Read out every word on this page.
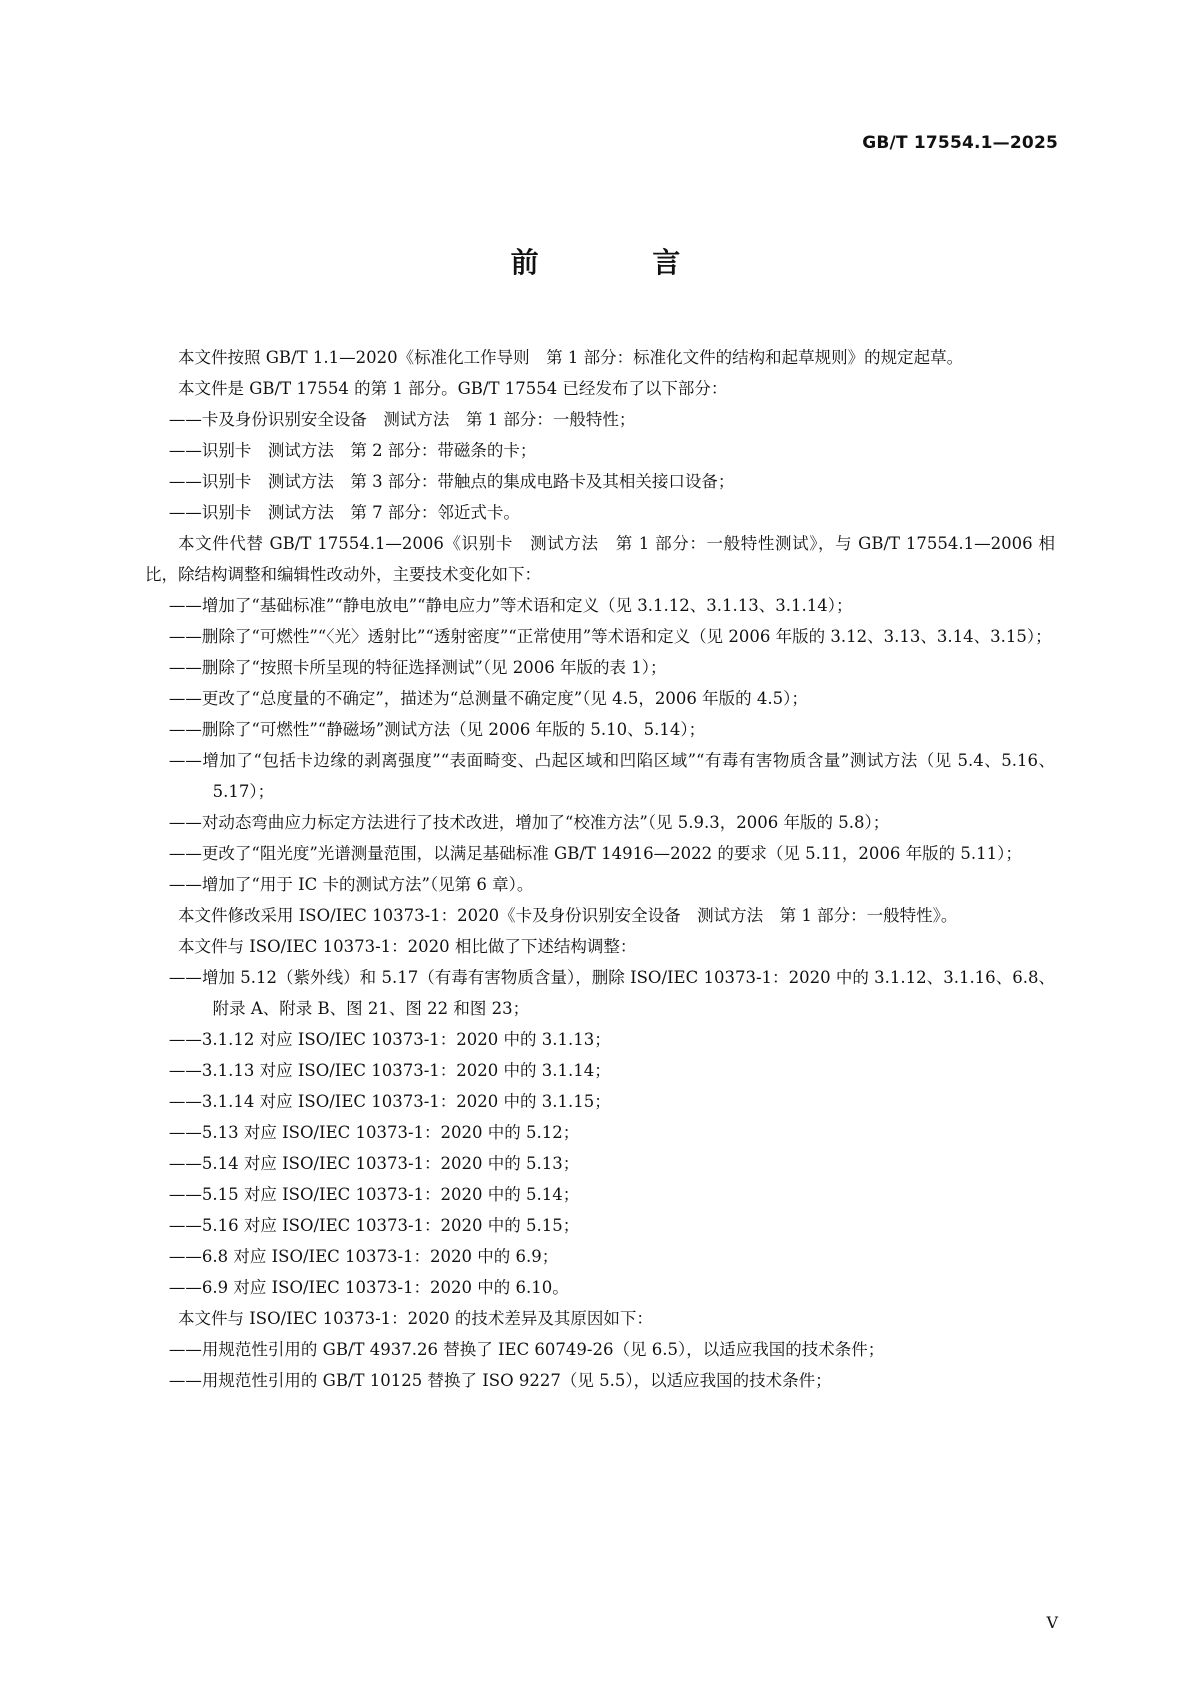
GB/T 17554.1—2025
前 言
本文件按照 GB/T 1.1—2020《标准化工作导则　第 1 部分：标准化文件的结构和起草规则》的规定起草。
本文件是 GB/T 17554 的第 1 部分。GB/T 17554 已经发布了以下部分：
——卡及身份识别安全设备　测试方法　第 1 部分：一般特性；
——识别卡　测试方法　第 2 部分：带磁条的卡；
——识别卡　测试方法　第 3 部分：带触点的集成电路卡及其相关接口设备；
——识别卡　测试方法　第 7 部分：邻近式卡。
本文件代替 GB/T 17554.1—2006《识别卡　测试方法　第 1 部分：一般特性测试》，与 GB/T 17554.1—2006 相比，除结构调整和编辑性改动外，主要技术变化如下：
——增加了“基础标准”“静电放电”“静电应力”等术语和定义（见 3.1.12、3.1.13、3.1.14）；
——删除了“可燃性”“〈光〉透射比”“透射密度”“正常使用”等术语和定义（见 2006 年版的 3.12、3.13、3.14、3.15）；
——删除了“按照卡所呈现的特征选择测试”（见 2006 年版的表 1）；
——更改了“总度量的不确定”，描述为“总测量不确定度”（见 4.5，2006 年版的 4.5）；
——删除了“可燃性”“静磁场”测试方法（见 2006 年版的 5.10、5.14）；
——增加了“包括卡边缘的剥离强度”“表面畸变、凸起区域和凹陷区域”“有毒有害物质含量”测试方法（见 5.4、5.16、5.17）；
——对动态弯曲应力标定方法进行了技术改进，增加了“校准方法”（见 5.9.3，2006 年版的 5.8）；
——更改了“阻光度”光谱测量范围，以满足基础标准 GB/T 14916—2022 的要求（见 5.11，2006 年版的 5.11）；
——增加了“用于 IC 卡的测试方法”（见第 6 章）。
本文件修改采用 ISO/IEC 10373-1：2020《卡及身份识别安全设备　测试方法　第 1 部分：一般特性》。
本文件与 ISO/IEC 10373-1：2020 相比做了下述结构调整：
——增加 5.12（紫外线）和 5.17（有毒有害物质含量），删除 ISO/IEC 10373-1：2020 中的 3.1.12、3.1.16、6.8、附录 A、附录 B、图 21、图 22 和图 23；
——3.1.12 对应 ISO/IEC 10373-1：2020 中的 3.1.13；
——3.1.13 对应 ISO/IEC 10373-1：2020 中的 3.1.14；
——3.1.14 对应 ISO/IEC 10373-1：2020 中的 3.1.15；
——5.13 对应 ISO/IEC 10373-1：2020 中的 5.12；
——5.14 对应 ISO/IEC 10373-1：2020 中的 5.13；
——5.15 对应 ISO/IEC 10373-1：2020 中的 5.14；
——5.16 对应 ISO/IEC 10373-1：2020 中的 5.15；
——6.8 对应 ISO/IEC 10373-1：2020 中的 6.9；
——6.9 对应 ISO/IEC 10373-1：2020 中的 6.10。
本文件与 ISO/IEC 10373-1：2020 的技术差异及其原因如下：
——用规范性引用的 GB/T 4937.26 替换了 IEC 60749-26（见 6.5），以适应我国的技术条件；
——用规范性引用的 GB/T 10125 替换了 ISO 9227（见 5.5），以适应我国的技术条件；
V
